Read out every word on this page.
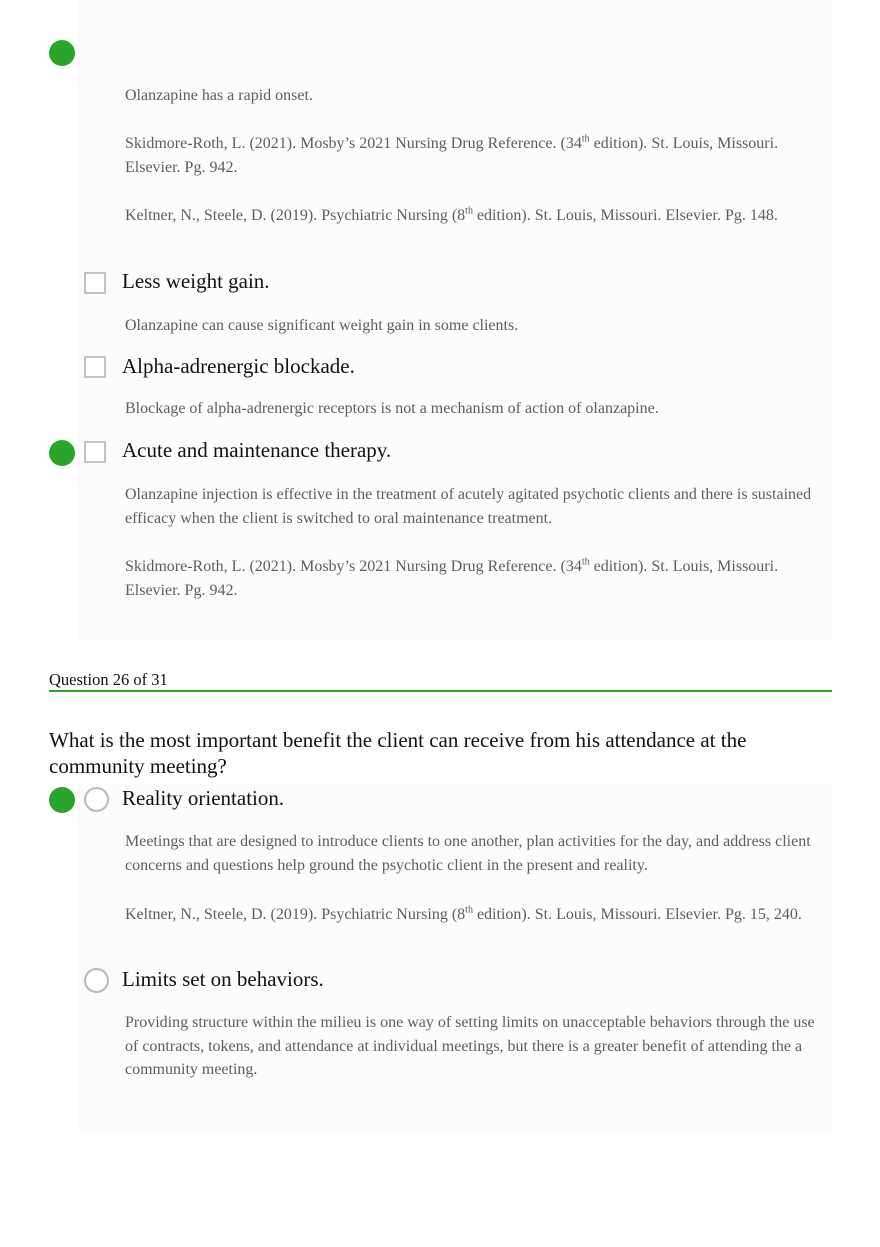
Olanzapine has a rapid onset.
Skidmore-Roth, L. (2021). Mosby’s 2021 Nursing Drug Reference. (34th edition). St. Louis, Missouri. Elsevier. Pg. 942.
Keltner, N., Steele, D. (2019). Psychiatric Nursing (8th edition). St. Louis, Missouri. Elsevier. Pg. 148.
Less weight gain.
Olanzapine can cause significant weight gain in some clients.
Alpha-adrenergic blockade.
Blockage of alpha-adrenergic receptors is not a mechanism of action of olanzapine.
Acute and maintenance therapy.
Olanzapine injection is effective in the treatment of acutely agitated psychotic clients and there is sustained efficacy when the client is switched to oral maintenance treatment.
Skidmore-Roth, L. (2021). Mosby’s 2021 Nursing Drug Reference. (34th edition). St. Louis, Missouri. Elsevier. Pg. 942.
Question 26 of 31
What is the most important benefit the client can receive from his attendance at the community meeting?
Reality orientation.
Meetings that are designed to introduce clients to one another, plan activities for the day, and address client concerns and questions help ground the psychotic client in the present and reality.
Keltner, N., Steele, D. (2019). Psychiatric Nursing (8th edition). St. Louis, Missouri. Elsevier. Pg. 15, 240.
Limits set on behaviors.
Providing structure within the milieu is one way of setting limits on unacceptable behaviors through the use of contracts, tokens, and attendance at individual meetings, but there is a greater benefit of attending the a community meeting.
